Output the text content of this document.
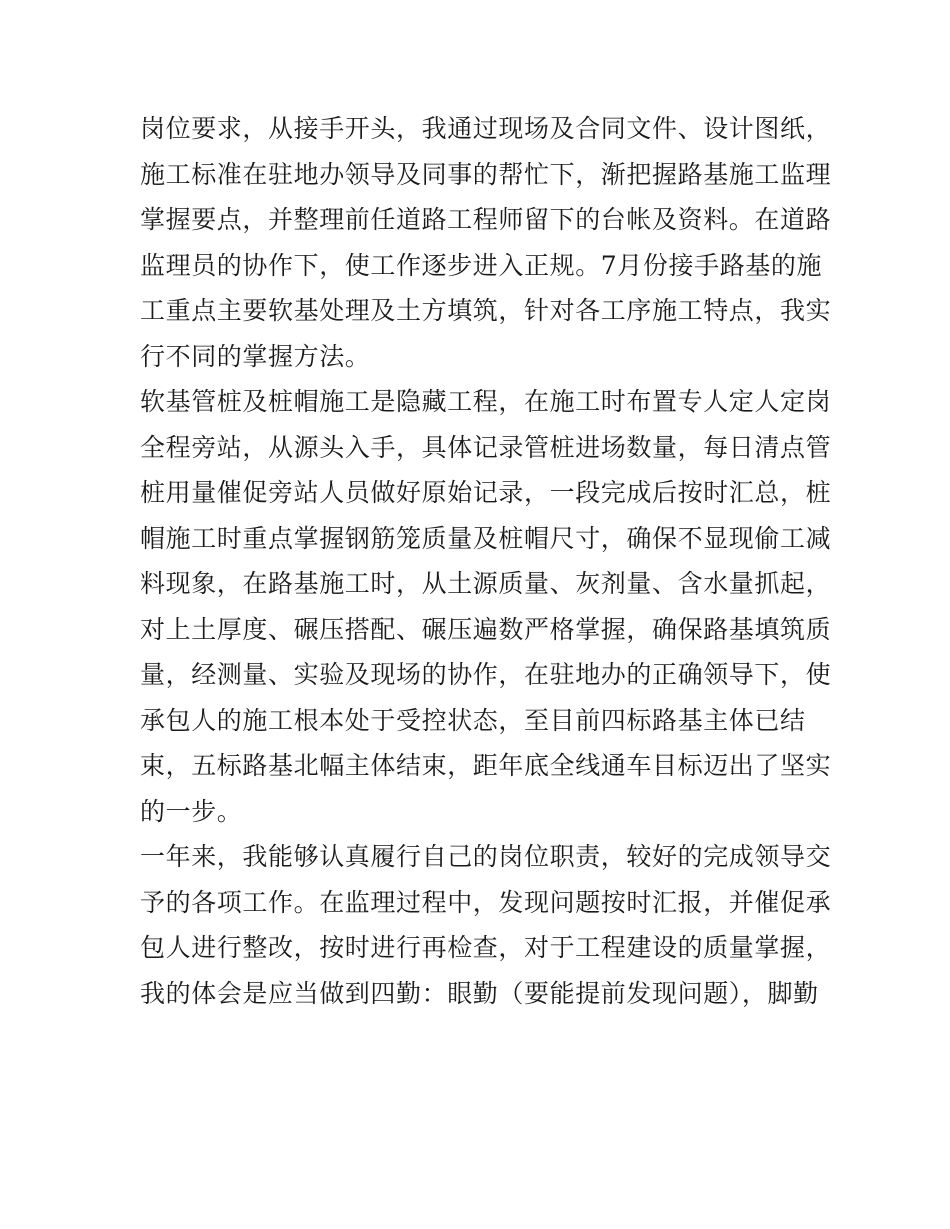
岗位要求，从接手开头，我通过现场及合同文件、设计图纸，
施工标准在驻地办领导及同事的帮忙下，渐把握路基施工监理
掌握要点，并整理前任道路工程师留下的台帐及资料。在道路
监理员的协作下，使工作逐步进入正规。7月份接手路基的施
工重点主要软基处理及土方填筑，针对各工序施工特点，我实
行不同的掌握方法。
软基管桩及桩帽施工是隐藏工程，在施工时布置专人定人定岗
全程旁站，从源头入手，具体记录管桩进场数量，每日清点管
桩用量催促旁站人员做好原始记录，一段完成后按时汇总，桩
帽施工时重点掌握钢筋笼质量及桩帽尺寸，确保不显现偷工减
料现象，在路基施工时，从土源质量、灰剂量、含水量抓起，
对上土厚度、碾压搭配、碾压遍数严格掌握，确保路基填筑质
量，经测量、实验及现场的协作，在驻地办的正确领导下，使
承包人的施工根本处于受控状态，至目前四标路基主体已结
束，五标路基北幅主体结束，距年底全线通车目标迈出了坚实
的一步。
一年来，我能够认真履行自己的岗位职责，较好的完成领导交
予的各项工作。在监理过程中，发现问题按时汇报，并催促承
包人进行整改，按时进行再检查，对于工程建设的质量掌握，
我的体会是应当做到四勤：眼勤（要能提前发现问题），脚勤
